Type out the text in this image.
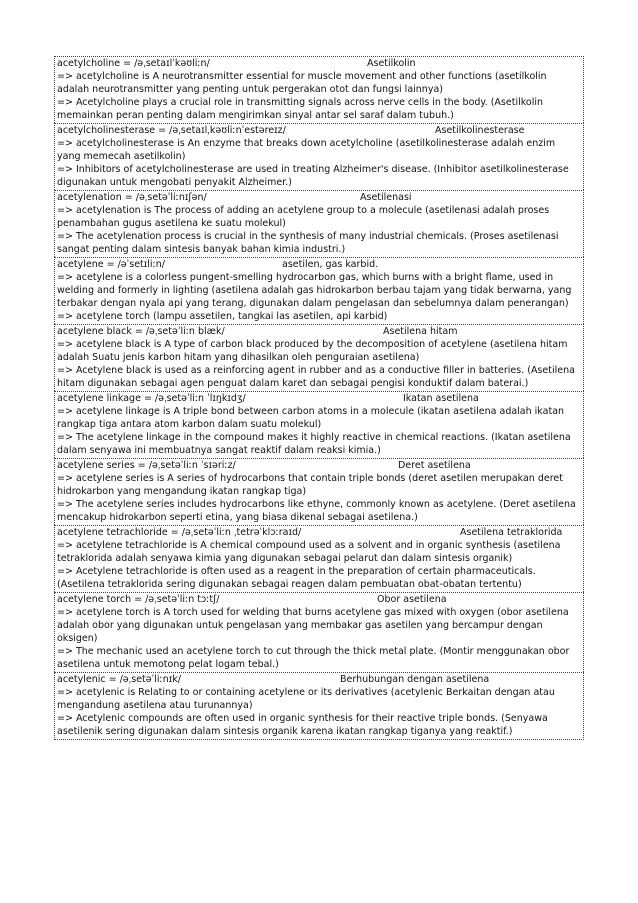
acetylcholine = /əˌsetaɪlˈkəʊliːn/	Asetilkolin
=> acetylcholine is A neurotransmitter essential for muscle movement and other functions (asetilkolin adalah neurotransmitter yang penting untuk pergerakan otot dan fungsi lainnya)
=> Acetylcholine plays a crucial role in transmitting signals across nerve cells in the body. (Asetilkolin memainkan peran penting dalam mengirimkan sinyal antar sel saraf dalam tubuh.)
acetylcholinesterase = /əˌsetaɪlˌkəʊliːnˈestəreɪz/	Asetilkolinesterase
=> acetylcholinesterase is An enzyme that breaks down acetylcholine (asetilkolinesterase adalah enzim yang memecah asetilkolin)
=> Inhibitors of acetylcholinesterase are used in treating Alzheimer's disease. (Inhibitor asetilkolinesterase digunakan untuk mengobati penyakit Alzheimer.)
acetylenation = /əˌsetəˈliːnɪʃən/	Asetilenasi
=> acetylenation is The process of adding an acetylene group to a molecule (asetilenasi adalah proses penambahan gugus asetilena ke suatu molekul)
=> The acetylenation process is crucial in the synthesis of many industrial chemicals. (Proses asetilenasi sangat penting dalam sintesis banyak bahan kimia industri.)
acetylene = /əˈsetɪliːn/	asetilen, gas karbid.
=> acetylene is a colorless pungent-smelling hydrocarbon gas, which burns with a bright flame, used in welding and formerly in lighting (asetilena adalah gas hidrokarbon berbau tajam yang tidak berwarna, yang terbakar dengan nyala api yang terang, digunakan dalam pengelasan dan sebelumnya dalam penerangan)
=> acetylene torch (lampu assetilen, tangkai las asetilen, api karbid)
acetylene black = /əˌsetəˈliːn blæk/	Asetilena hitam
=> acetylene black is A type of carbon black produced by the decomposition of acetylene (asetilena hitam adalah Suatu jenis karbon hitam yang dihasilkan oleh penguraian asetilena)
=> Acetylene black is used as a reinforcing agent in rubber and as a conductive filler in batteries. (Asetilena hitam digunakan sebagai agen penguat dalam karet dan sebagai pengisi konduktif dalam baterai.)
acetylene linkage = /əˌsetəˈliːn ˈlɪŋkɪdʒ/	Ikatan asetilena
=> acetylene linkage is A triple bond between carbon atoms in a molecule (ikatan asetilena adalah ikatan rangkap tiga antara atom karbon dalam suatu molekul)
=> The acetylene linkage in the compound makes it highly reactive in chemical reactions. (Ikatan asetilena dalam senyawa ini membuatnya sangat reaktif dalam reaksi kimia.)
acetylene series = /əˌsetəˈliːn ˈsɪəriːz/	Deret asetilena
=> acetylene series is A series of hydrocarbons that contain triple bonds (deret asetilen merupakan deret hidrokarbon yang mengandung ikatan rangkap tiga)
=> The acetylene series includes hydrocarbons like ethyne, commonly known as acetylene. (Deret asetilena mencakup hidrokarbon seperti etina, yang biasa dikenal sebagai asetilena.)
acetylene tetrachloride = /əˌsetəˈliːn ˌtetrəˈklɔːraɪd/	Asetilena tetraklorida
=> acetylene tetrachloride is A chemical compound used as a solvent and in organic synthesis (asetilena tetraklorida adalah senyawa kimia yang digunakan sebagai pelarut dan dalam sintesis organik)
=> Acetylene tetrachloride is often used as a reagent in the preparation of certain pharmaceuticals. (Asetilena tetraklorida sering digunakan sebagai reagen dalam pembuatan obat-obatan tertentu)
acetylene torch = /əˌsetəˈliːn tɔːtʃ/	Obor asetilena
=> acetylene torch is A torch used for welding that burns acetylene gas mixed with oxygen (obor asetilena adalah obor yang digunakan untuk pengelasan yang membakar gas asetilen yang bercampur dengan oksigen)
=> The mechanic used an acetylene torch to cut through the thick metal plate. (Montir menggunakan obor asetilena untuk memotong pelat logam tebal.)
acetylenic = /əˌsetəˈliːnɪk/	Berhubungan dengan asetilena
=> acetylenic is Relating to or containing acetylene or its derivatives (acetylenic Berkaitan dengan atau mengandung asetilena atau turunannya)
=> Acetylenic compounds are often used in organic synthesis for their reactive triple bonds. (Senyawa asetilenik sering digunakan dalam sintesis organik karena ikatan rangkap tiganya yang reaktif.)
